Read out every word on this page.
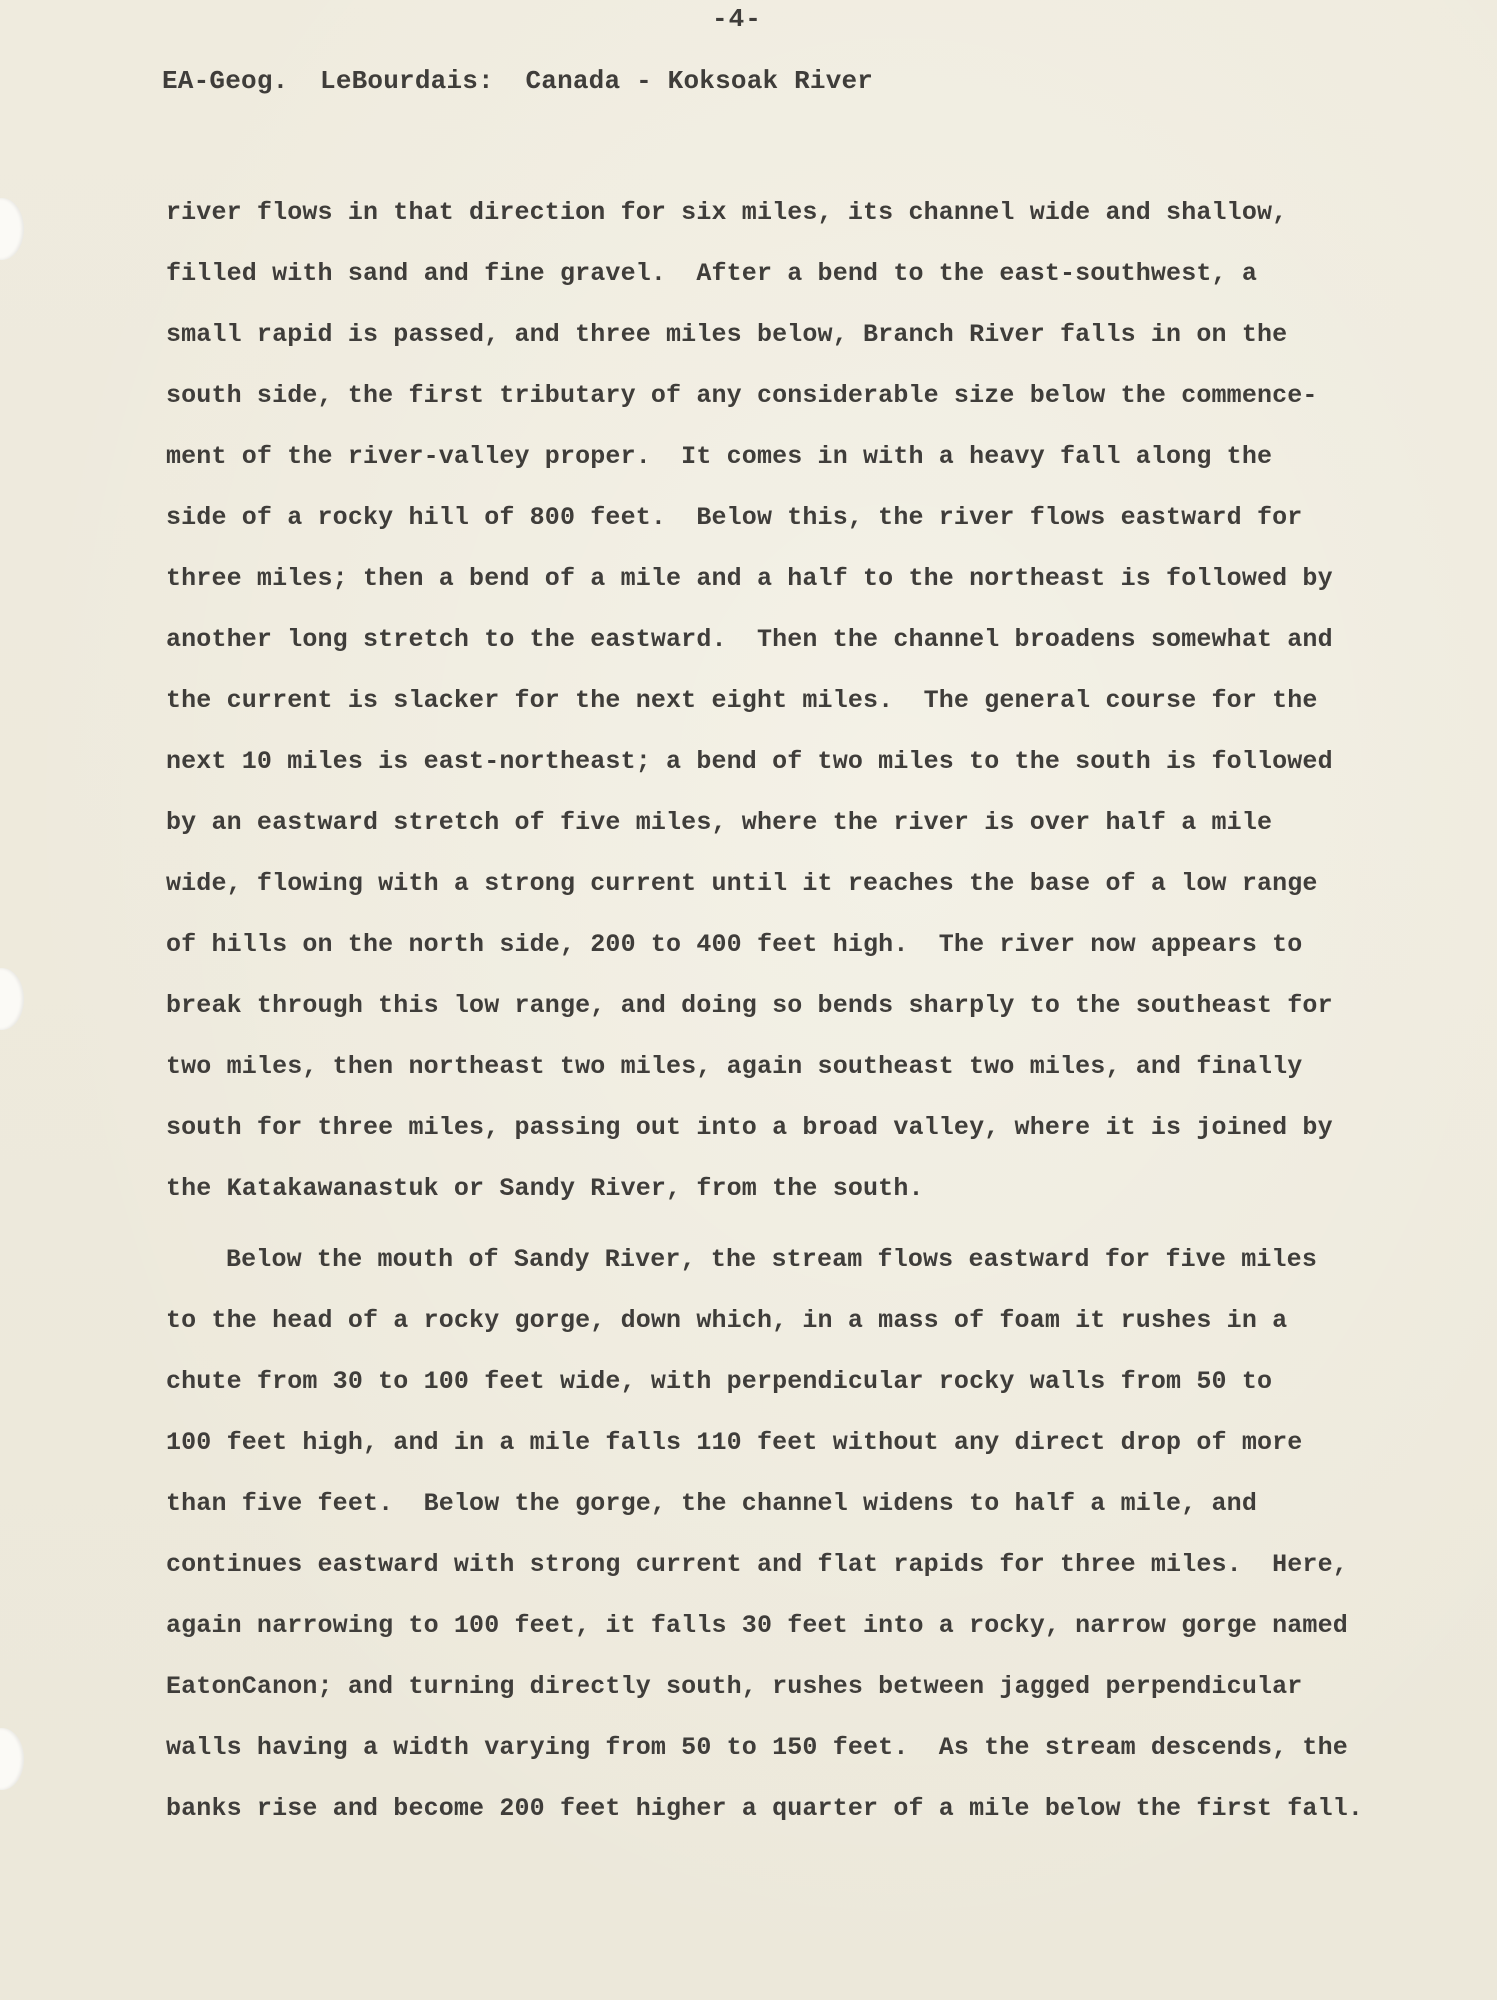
-4-
EA-Geog.  LeBourdais:  Canada - Koksoak River
river flows in that direction for six miles, its channel wide and shallow,
filled with sand and fine gravel.  After a bend to the east-southwest, a
small rapid is passed, and three miles below, Branch River falls in on the
south side, the first tributary of any considerable size below the commence-
ment of the river-valley proper.  It comes in with a heavy fall along the
side of a rocky hill of 800 feet.  Below this, the river flows eastward for
three miles; then a bend of a mile and a half to the northeast is followed by
another long stretch to the eastward.  Then the channel broadens somewhat and
the current is slacker for the next eight miles.  The general course for the
next 10 miles is east-northeast; a bend of two miles to the south is followed
by an eastward stretch of five miles, where the river is over half a mile
wide, flowing with a strong current until it reaches the base of a low range
of hills on the north side, 200 to 400 feet high.  The river now appears to
break through this low range, and doing so bends sharply to the southeast for
two miles, then northeast two miles, again southeast two miles, and finally
south for three miles, passing out into a broad valley, where it is joined by
the Katakawanastuk or Sandy River, from the south.
Below the mouth of Sandy River, the stream flows eastward for five miles
to the head of a rocky gorge, down which, in a mass of foam it rushes in a
chute from 30 to 100 feet wide, with perpendicular rocky walls from 50 to
100 feet high, and in a mile falls 110 feet without any direct drop of more
than five feet.  Below the gorge, the channel widens to half a mile, and
continues eastward with strong current and flat rapids for three miles.  Here,
again narrowing to 100 feet, it falls 30 feet into a rocky, narrow gorge named
EatonCanon; and turning directly south, rushes between jagged perpendicular
walls having a width varying from 50 to 150 feet.  As the stream descends, the
banks rise and become 200 feet higher a quarter of a mile below the first fall.
